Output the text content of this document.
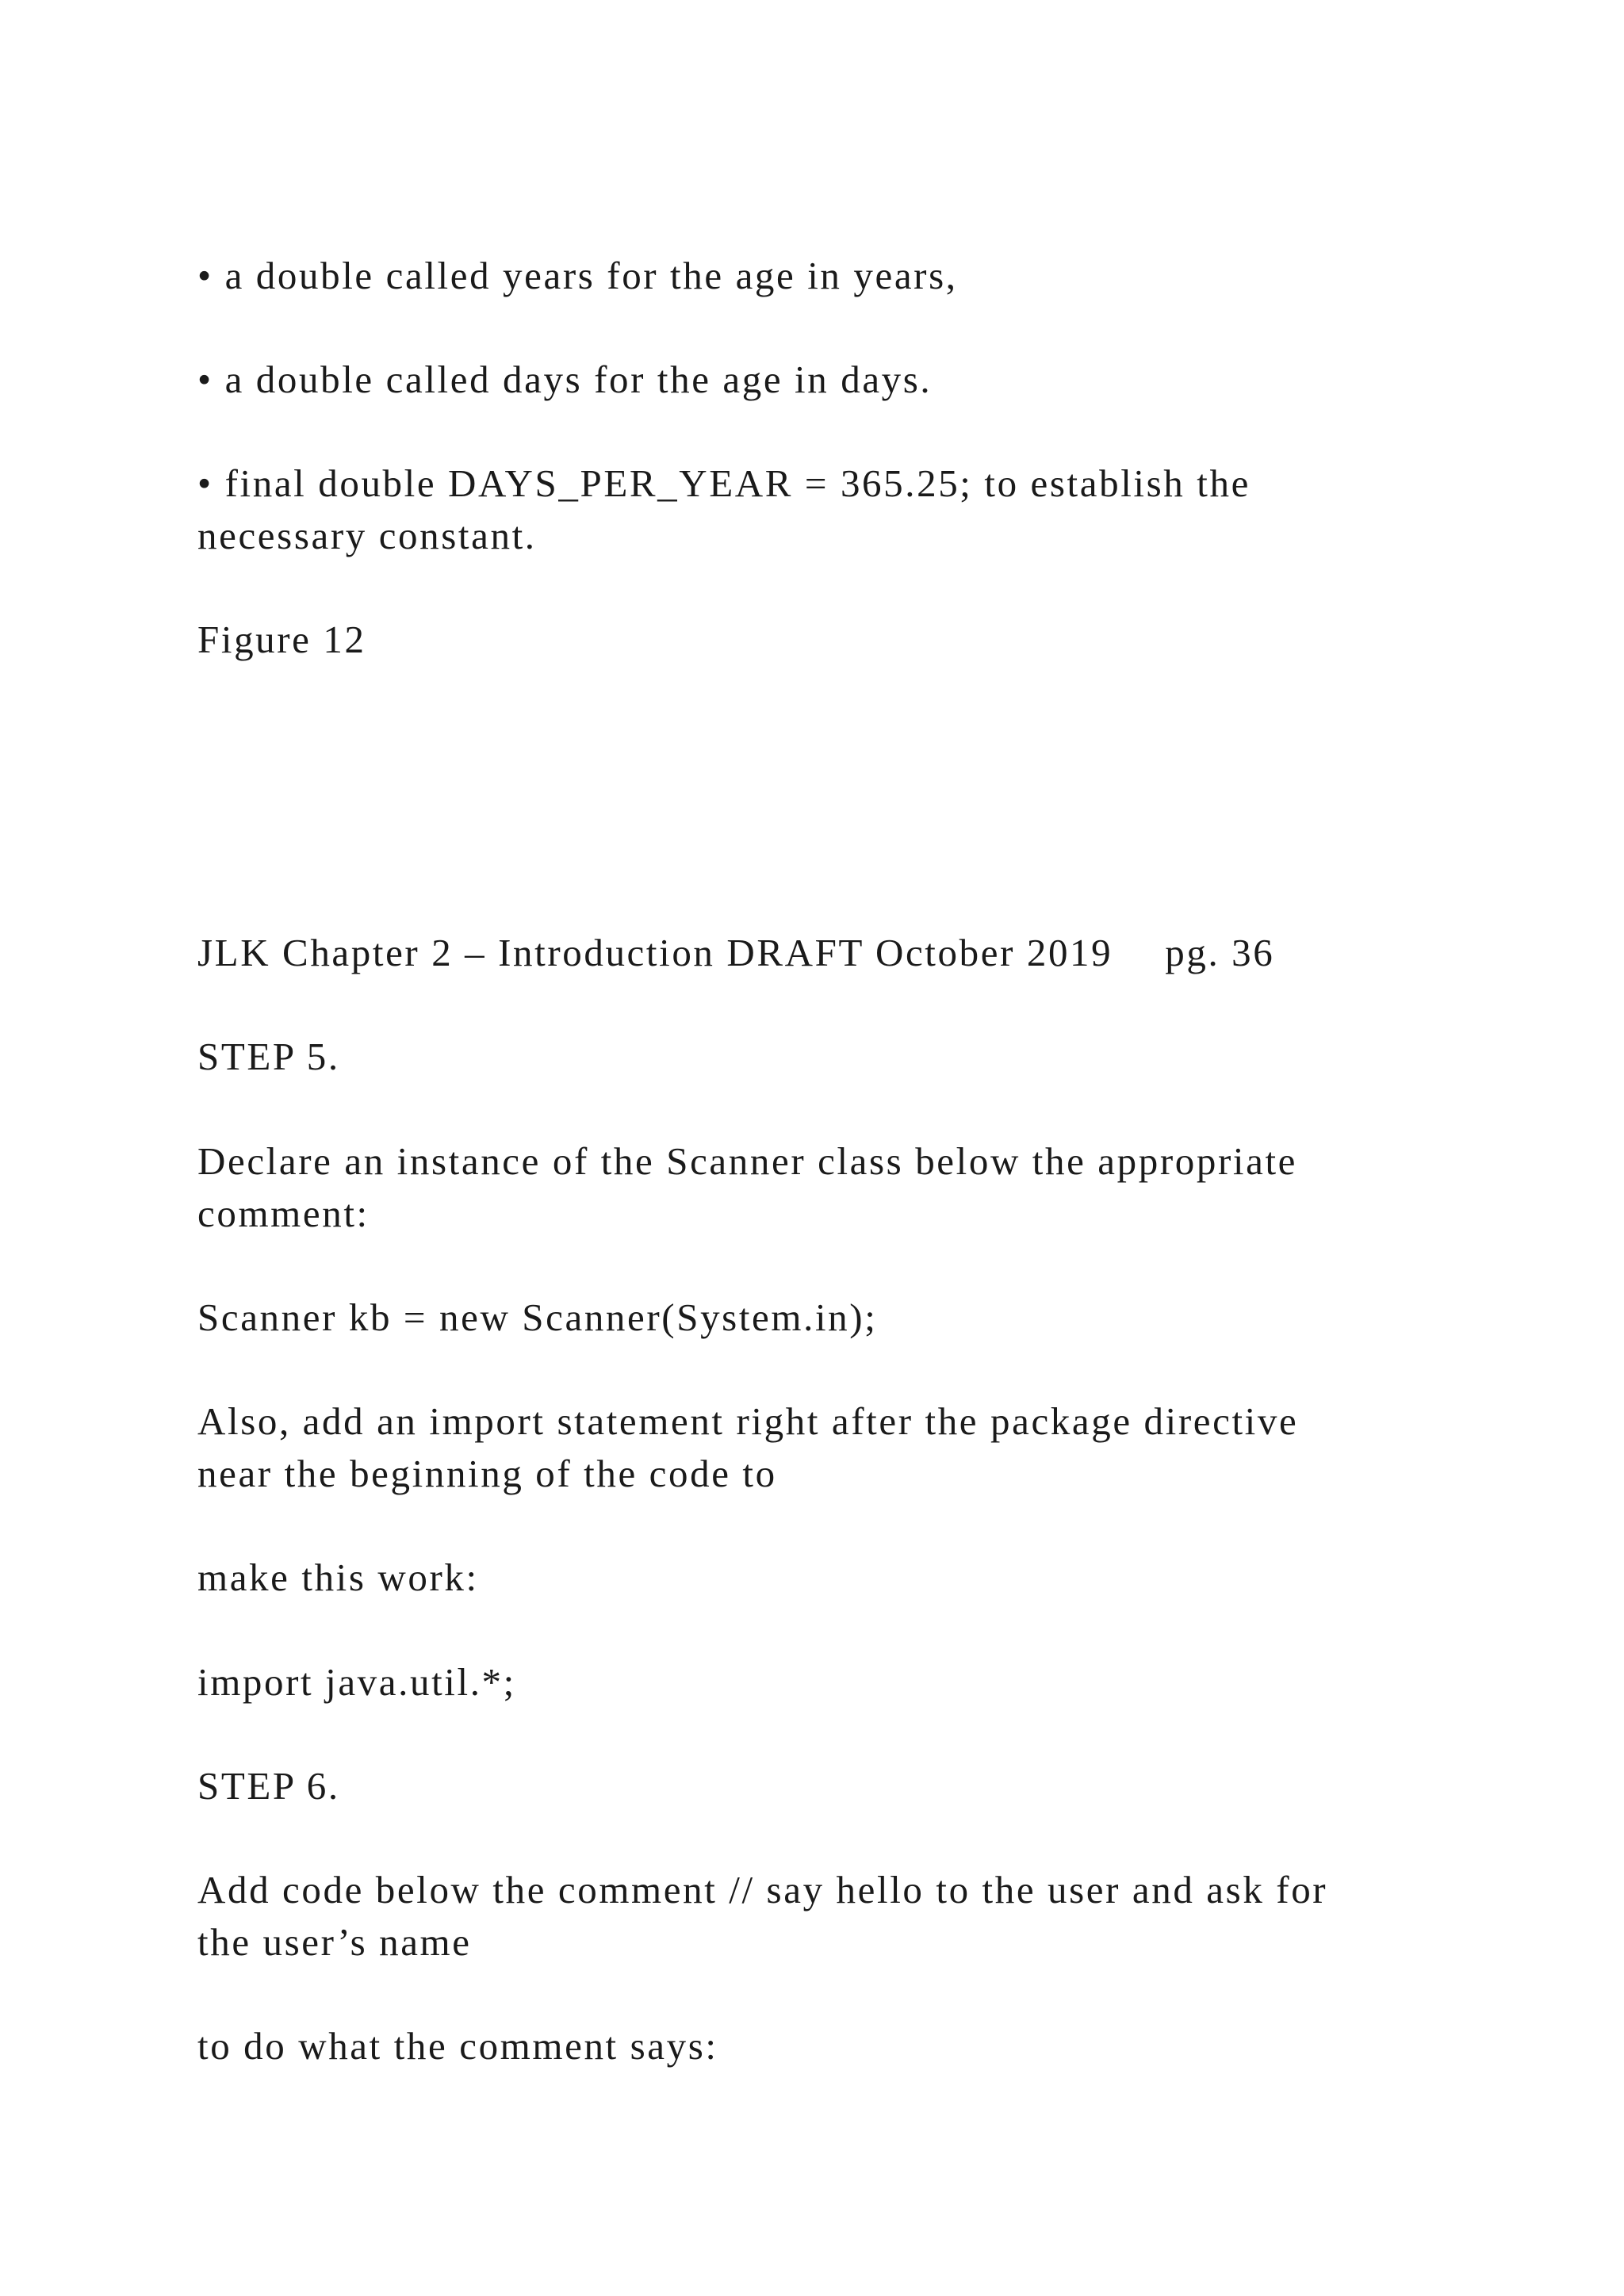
• a double called years for the age in years,
• a double called days for the age in days.
• final double DAYS_PER_YEAR = 365.25; to establish the
necessary constant.
Figure 12
JLK Chapter 2 – Introduction DRAFT October 2019 pg. 36
STEP 5.
Declare an instance of the Scanner class below the appropriate
comment:
Scanner kb = new Scanner(System.in);
Also, add an import statement right after the package directive
near the beginning of the code to
make this work:
import java.util.*;
STEP 6.
Add code below the comment // say hello to the user and ask for
the user’s name
to do what the comment says:
